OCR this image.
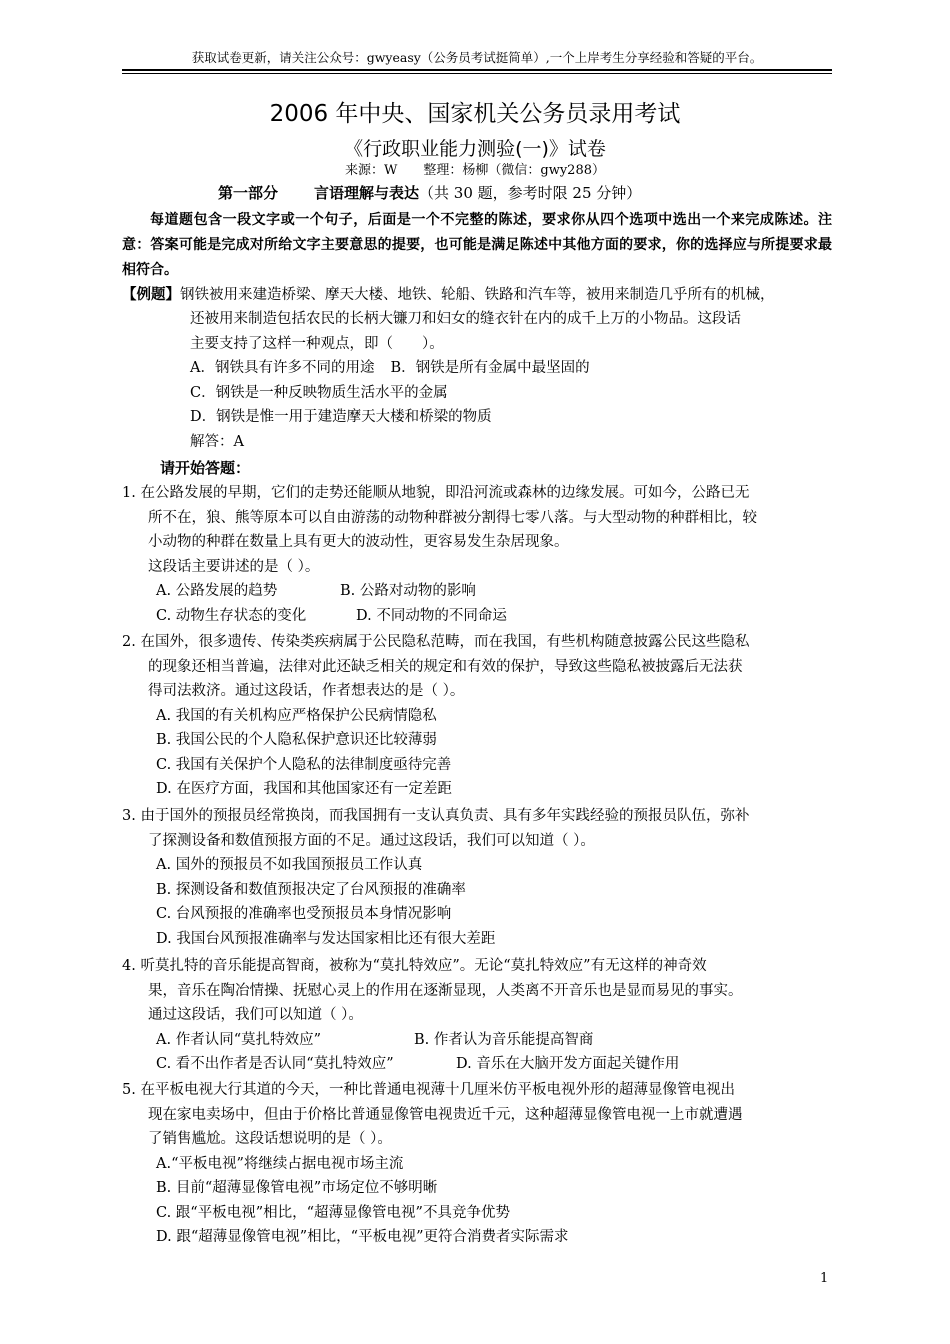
获取试卷更新，请关注公众号：gwyeasy（公务员考试挺简单）,一个上岸考生分享经验和答疑的平台。
2006 年中央、国家机关公务员录用考试
《行政职业能力测验(一)》试卷
来源：W　　整理：杨柳（微信：gwy288）
第一部分 言语理解与表达（共 30 题，参考时限 25 分钟）
每道题包含一段文字或一个句子，后面是一个不完整的陈述，要求你从四个选项中选出一个来完成陈述。注意：答案可能是完成对所给文字主要意思的提要，也可能是满足陈述中其他方面的要求，你的选择应与所提要求最相符合。
【例题】钢铁被用来建造桥梁、摩天大楼、地铁、轮船、铁路和汽车等，被用来制造几乎所有的机械，
还被用来制造包括农民的长柄大镰刀和妇女的缝衣针在内的成千上万的小物品。这段话
主要支持了这样一种观点，即（　　）。
A．钢铁具有许多不同的用途 B．钢铁是所有金属中最坚固的
C．钢铁是一种反映物质生活水平的金属
D．钢铁是惟一用于建造摩天大楼和桥梁的物质
解答：A
请开始答题：
1. 在公路发展的早期，它们的走势还能顺从地貌，即沿河流或森林的边缘发展。可如今，公路已无
所不在，狼、熊等原本可以自由游荡的动物种群被分割得七零八落。与大型动物的种群相比，较
小动物的种群在数量上具有更大的波动性，更容易发生杂居现象。
这段话主要讲述的是（ ）。
A. 公路发展的趋势	B. 公路对动物的影响
C. 动物生存状态的变化	D. 不同动物的不同命运
2. 在国外，很多遗传、传染类疾病属于公民隐私范畴，而在我国，有些机构随意披露公民这些隐私
的现象还相当普遍，法律对此还缺乏相关的规定和有效的保护，导致这些隐私被披露后无法获
得司法救济。通过这段话，作者想表达的是（ ）。
A. 我国的有关机构应严格保护公民病情隐私
B. 我国公民的个人隐私保护意识还比较薄弱
C. 我国有关保护个人隐私的法律制度亟待完善
D. 在医疗方面，我国和其他国家还有一定差距
3. 由于国外的预报员经常换岗，而我国拥有一支认真负责、具有多年实践经验的预报员队伍，弥补
了探测设备和数值预报方面的不足。通过这段话，我们可以知道（ ）。
A. 国外的预报员不如我国预报员工作认真
B. 探测设备和数值预报决定了台风预报的准确率
C. 台风预报的准确率也受预报员本身情况影响
D. 我国台风预报准确率与发达国家相比还有很大差距
4. 听莫扎特的音乐能提高智商，被称为“莫扎特效应”。无论“莫扎特效应”有无这样的神奇效
果，音乐在陶冶情操、抚慰心灵上的作用在逐渐显现，人类离不开音乐也是显而易见的事实。
通过这段话，我们可以知道（ ）。
A. 作者认同“莫扎特效应”	B. 作者认为音乐能提高智商
C. 看不出作者是否认同“莫扎特效应”	D. 音乐在大脑开发方面起关键作用
5. 在平板电视大行其道的今天，一种比普通电视薄十几厘米仿平板电视外形的超薄显像管电视出
现在家电卖场中，但由于价格比普通显像管电视贵近千元，这种超薄显像管电视一上市就遭遇
了销售尴尬。这段话想说明的是（ ）。
A.“平板电视”将继续占据电视市场主流
B. 目前“超薄显像管电视”市场定位不够明晰
C. 跟“平板电视”相比，“超薄显像管电视”不具竞争优势
D. 跟“超薄显像管电视”相比，“平板电视”更符合消费者实际需求
1
